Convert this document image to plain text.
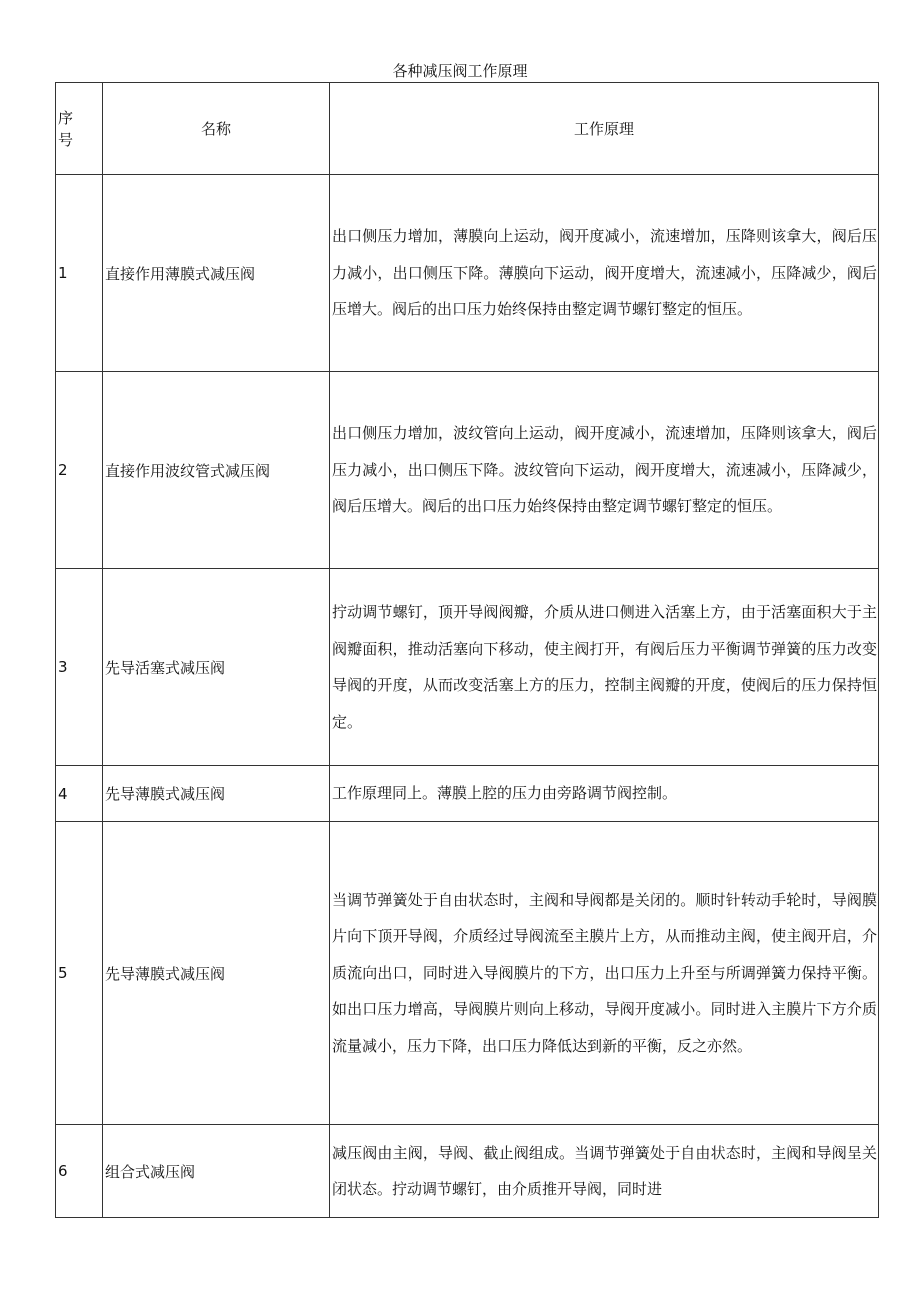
各种减压阀工作原理
序
号	名称	工作原理
1	直接作用薄膜式减压阀	出口侧压力增加，薄膜向上运动，阀开度减小，流速增加，压降则该拿大，阀后压力减小，出口侧压下降。薄膜向下运动，阀开度增大，流速减小，压降减少，阀后压增大。阀后的出口压力始终保持由整定调节螺钉整定的恒压。
2	直接作用波纹管式减压阀	出口侧压力增加，波纹管向上运动，阀开度减小，流速增加，压降则该拿大，阀后压力减小，出口侧压下降。波纹管向下运动，阀开度增大，流速减小，压降减少，阀后压增大。阀后的出口压力始终保持由整定调节螺钉整定的恒压。
3	先导活塞式减压阀	拧动调节螺钉，顶开导阀阀瓣，介质从进口侧进入活塞上方，由于活塞面积大于主阀瓣面积，推动活塞向下移动，使主阀打开，有阀后压力平衡调节弹簧的压力改变导阀的开度，从而改变活塞上方的压力，控制主阀瓣的开度，使阀后的压力保持恒定。
4	先导薄膜式减压阀	工作原理同上。薄膜上腔的压力由旁路调节阀控制。
5	先导薄膜式减压阀	当调节弹簧处于自由状态时，主阀和导阀都是关闭的。顺时针转动手轮时，导阀膜片向下顶开导阀，介质经过导阀流至主膜片上方，从而推动主阀，使主阀开启，介质流向出口，同时进入导阀膜片的下方，出口压力上升至与所调弹簧力保持平衡。如出口压力增高，导阀膜片则向上移动，导阀开度减小。同时进入主膜片下方介质流量减小，压力下降，出口压力降低达到新的平衡，反之亦然。
6	组合式减压阀	减压阀由主阀，导阀、截止阀组成。当调节弹簧处于自由状态时，主阀和导阀呈关闭状态。拧动调节螺钉，由介质推开导阀，同时进
